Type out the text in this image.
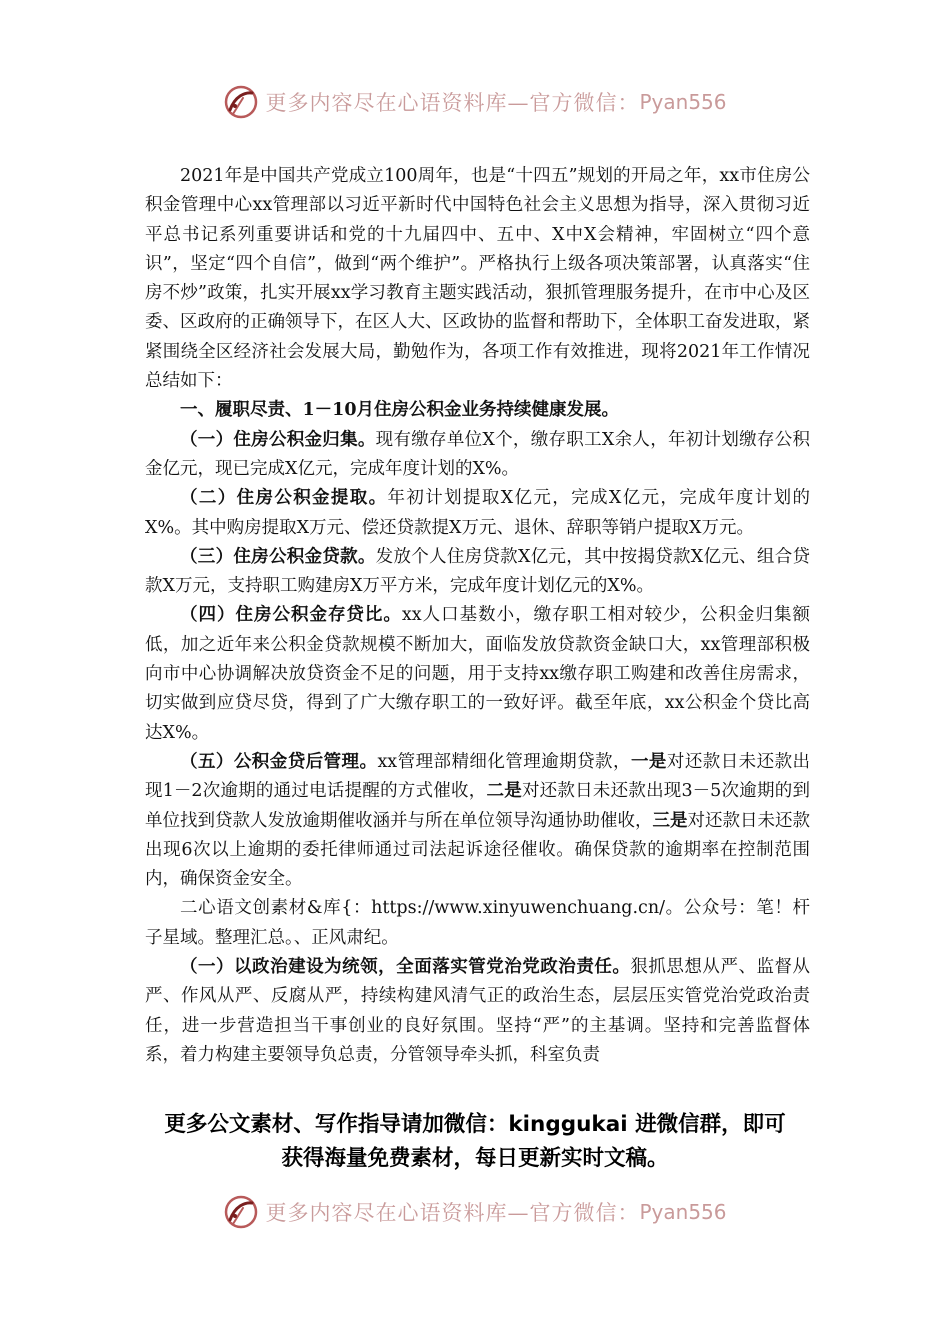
更多内容尽在心语资料库—官方微信： Pyan556

2021年是中国共产党成立100周年，也是“十四五”规划的开局之年，xx市住房公积金管理中心xx管理部以习近平新时代中国特色社会主义思想为指导，深入贯彻习近平总书记系列重要讲话和党的十九届四中、五中、X中X会精神，牢固树立“四个意识”，坚定“四个自信”，做到“两个维护”。严格执行上级各项决策部署，认真落实“住房不炒”政策，扎实开展xx学习教育主题实践活动，狠抓管理服务提升，在市中心及区委、区政府的正确领导下，在区人大、区政协的监督和帮助下，全体职工奋发进取，紧紧围绕全区经济社会发展大局，勤勉作为，各项工作有效推进，现将2021年工作情况总结如下：

一、履职尽责、1－10月住房公积金业务持续健康发展。

（一）住房公积金归集。现有缴存单位X个，缴存职工X余人，年初计划缴存公积金亿元，现已完成X亿元，完成年度计划的X%。

（二）住房公积金提取。年初计划提取X亿元，完成X亿元，完成年度计划的X%。其中购房提取X万元、偿还贷款提X万元、退休、辞职等销户提取X万元。

（三）住房公积金贷款。发放个人住房贷款X亿元，其中按揭贷款X亿元、组合贷款X万元，支持职工购建房X万平方米，完成年度计划亿元的X%。

（四）住房公积金存贷比。xx人口基数小，缴存职工相对较少，公积金归集额低，加之近年来公积金贷款规模不断加大，面临发放贷款资金缺口大，xx管理部积极向市中心协调解决放贷资金不足的问题，用于支持xx缴存职工购建和改善住房需求，切实做到应贷尽贷，得到了广大缴存职工的一致好评。截至年底，xx公积金个贷比高达X%。

（五）公积金贷后管理。xx管理部精细化管理逾期贷款，一是对还款日未还款出现1－2次逾期的通过电话提醒的方式催收，二是对还款日未还款出现3－5次逾期的到单位找到贷款人发放逾期催收涵并与所在单位领导沟通协助催收，三是对还款日未还款出现6次以上逾期的委托律师通过司法起诉途径催收。确保贷款的逾期率在控制范围内，确保资金安全。

二心语文创素材&库{：https://www.xinyuwenchuang.cn/。公众号：笔！杆子星域。整理汇总。、正风肃纪。

（一）以政治建设为统领，全面落实管党治党政治责任。狠抓思想从严、监督从严、作风从严、反腐从严，持续构建风清气正的政治生态，层层压实管党治党政治责任，进一步营造担当干事创业的良好氛围。坚持“严”的主基调。坚持和完善监督体系，着力构建主要领导负总责，分管领导牵头抓，科室负责

更多公文素材、写作指导请加微信：kinggukai 进微信群，即可
获得海量免费素材，每日更新实时文稿。
更多内容尽在心语资料库—官方微信： Pyan556
